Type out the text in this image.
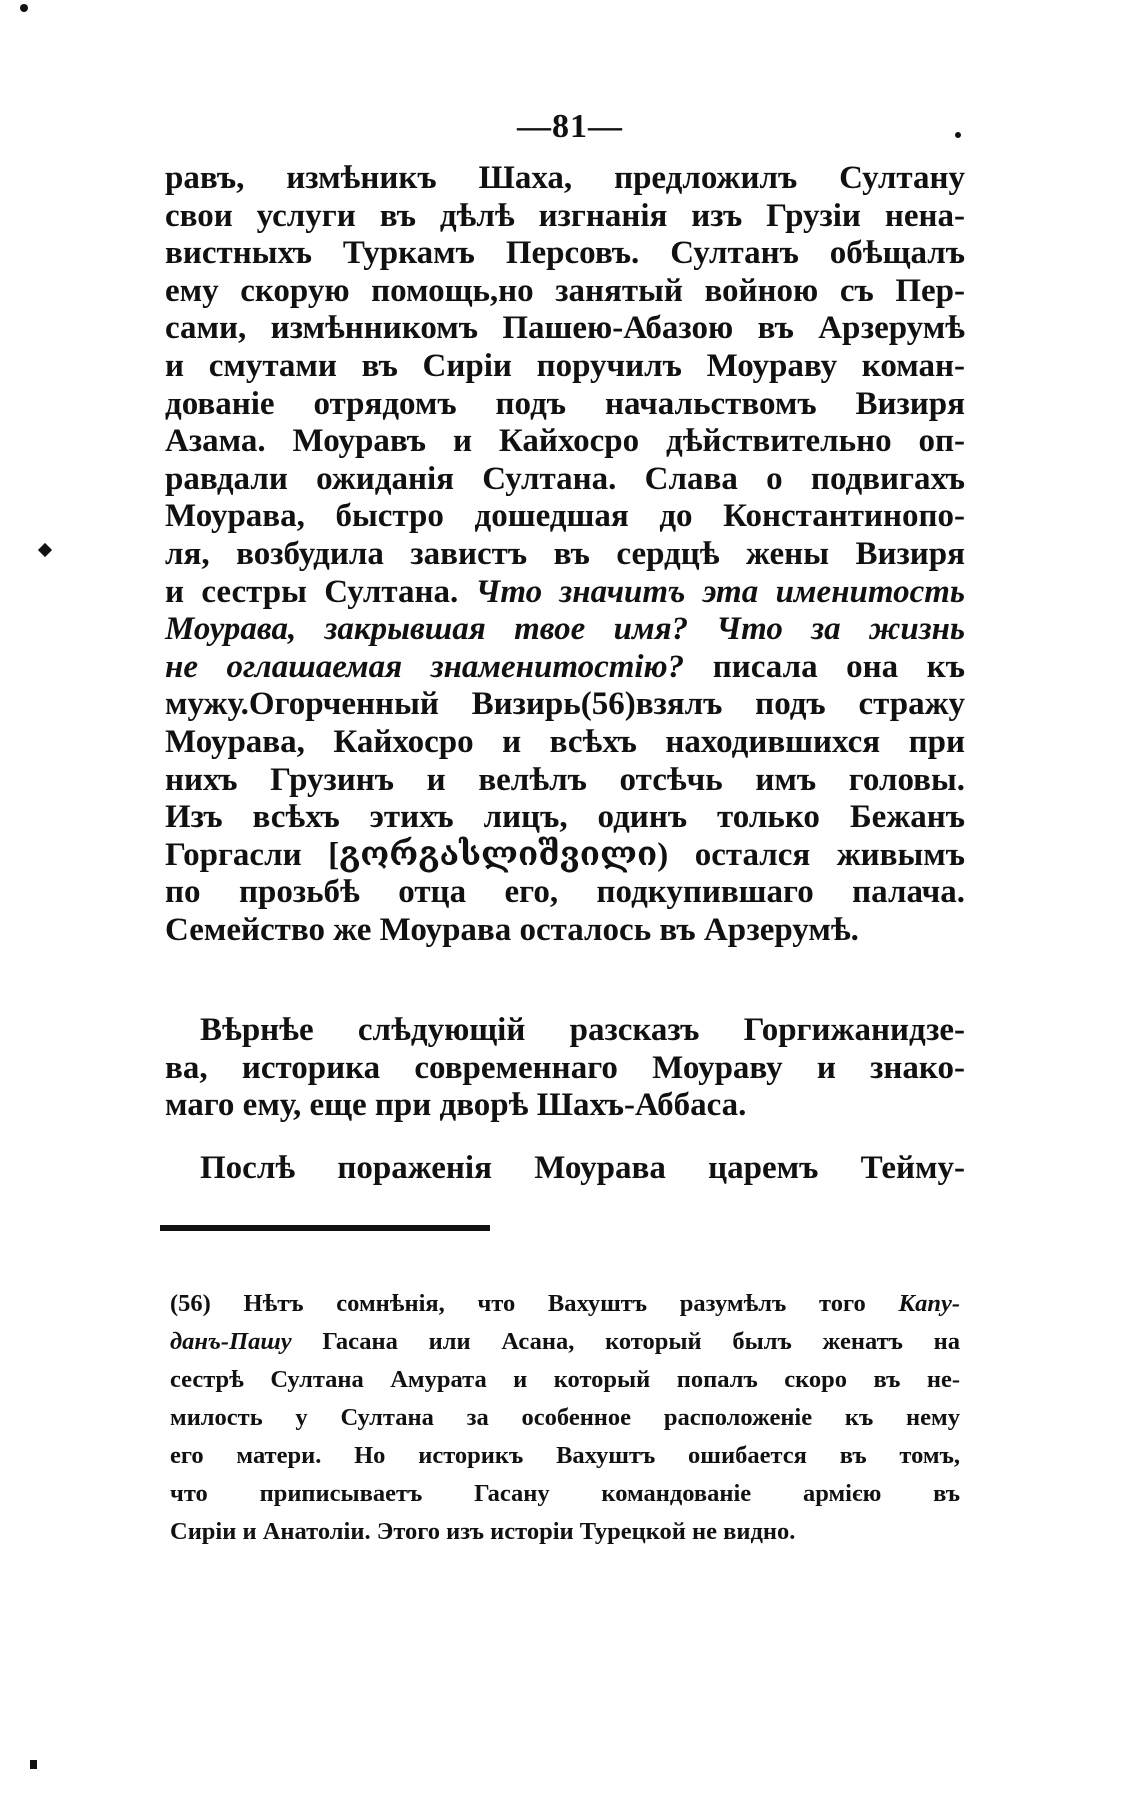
—81—
равъ, измѣникъ Шаха, предложилъ Султану
свои услуги въ дѣлѣ изгнанія изъ Грузіи нена-
вистныхъ Туркамъ Персовъ. Султанъ обѣщалъ
ему скорую помощь,но занятый войною съ Пер-
сами, измѣнникомъ Пашею-Абазою въ Арзерумѣ
и смутами въ Сиріи поручилъ Моураву коман-
дованіе отрядомъ подъ начальствомъ Визиря
Азама. Моуравъ и Кайхосро дѣйствительно оп-
равдали ожиданія Султана. Слава о подвигахъ
Моурава, быстро дошедшая до Константинопо-
ля, возбудила завистъ въ сердцѣ жены Визиря
и сестры Султана. Что значитъ эта именитость
Моурава, закрывшая твое имя? Что за жизнь
не оглашаемая знаменитостію? писала она къ
мужу.Огорченный Визирь(56)взялъ подъ стражу
Моурава, Кайхосро и всѣхъ находившихся при
нихъ Грузинъ и велѣлъ отсѣчь имъ головы.
Изъ всѣхъ этихъ лицъ, одинъ только Бежанъ
Горгасли [გორგასლიშვილი) остался живымъ
по прозьбѣ отца его, подкупившаго палача.
Семейство же Моурава осталось въ Арзерумѣ.
Вѣрнѣе слѣдующій разсказъ Горгижанидзе-
ва, историка современнаго Моураву и знако-
маго ему, еще при дворѣ Шахъ-Аббаса.
Послѣ пораженія Моурава царемъ Тейму-
(56) Нѣтъ сомнѣнія, что Вахуштъ разумѣлъ того Капу-
данъ-Пашу Гасана или Асана, который былъ женатъ на
сестрѣ Султана Амурата и который попалъ скоро въ не-
милость у Султана за особенное расположеніе къ нему
его матери. Но историкъ Вахуштъ ошибается въ томъ,
что приписываетъ Гасану командованіе армією въ
Сиріи и Анатоліи. Этого изъ исторіи Турецкой не видно.
